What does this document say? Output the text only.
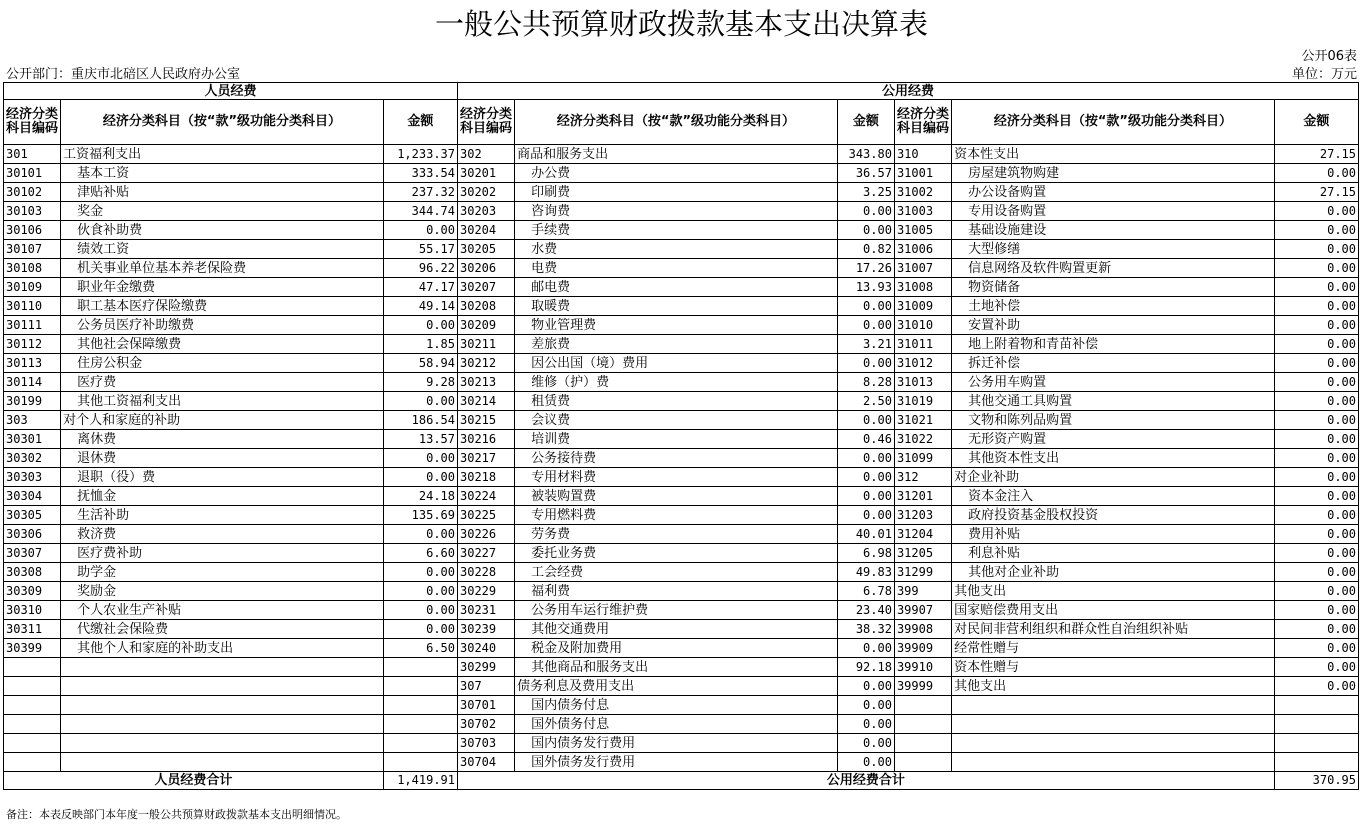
一般公共预算财政拨款基本支出决算表
公开06表
单位：万元
公开部门：重庆市北碚区人民政府办公室
人员经费			公用经费					
经济分类科目编码	经济分类科目（按“款”级功能分类科目）	金额	经济分类科目编码	经济分类科目（按“款”级功能分类科目）	金额	经济分类科目编码	经济分类科目（按“款”级功能分类科目）	金额
301	工资福利支出	1,233.37	302	商品和服务支出	343.80	310	资本性支出	27.15
30101	基本工资	333.54	30201	办公费	36.57	31001	房屋建筑物购建	0.00
30102	津贴补贴	237.32	30202	印刷费	3.25	31002	办公设备购置	27.15
30103	奖金	344.74	30203	咨询费	0.00	31003	专用设备购置	0.00
30106	伙食补助费	0.00	30204	手续费	0.00	31005	基础设施建设	0.00
30107	绩效工资	55.17	30205	水费	0.82	31006	大型修缮	0.00
30108	机关事业单位基本养老保险费	96.22	30206	电费	17.26	31007	信息网络及软件购置更新	0.00
30109	职业年金缴费	47.17	30207	邮电费	13.93	31008	物资储备	0.00
30110	职工基本医疗保险缴费	49.14	30208	取暖费	0.00	31009	土地补偿	0.00
30111	公务员医疗补助缴费	0.00	30209	物业管理费	0.00	31010	安置补助	0.00
30112	其他社会保障缴费	1.85	30211	差旅费	3.21	31011	地上附着物和青苗补偿	0.00
30113	住房公积金	58.94	30212	因公出国（境）费用	0.00	31012	拆迁补偿	0.00
30114	医疗费	9.28	30213	维修（护）费	8.28	31013	公务用车购置	0.00
30199	其他工资福利支出	0.00	30214	租赁费	2.50	31019	其他交通工具购置	0.00
303	对个人和家庭的补助	186.54	30215	会议费	0.00	31021	文物和陈列品购置	0.00
30301	离休费	13.57	30216	培训费	0.46	31022	无形资产购置	0.00
30302	退休费	0.00	30217	公务接待费	0.00	31099	其他资本性支出	0.00
30303	退职（役）费	0.00	30218	专用材料费	0.00	312	对企业补助	0.00
30304	抚恤金	24.18	30224	被装购置费	0.00	31201	资本金注入	0.00
30305	生活补助	135.69	30225	专用燃料费	0.00	31203	政府投资基金股权投资	0.00
30306	救济费	0.00	30226	劳务费	40.01	31204	费用补贴	0.00
30307	医疗费补助	6.60	30227	委托业务费	6.98	31205	利息补贴	0.00
30308	助学金	0.00	30228	工会经费	49.83	31299	其他对企业补助	0.00
30309	奖励金	0.00	30229	福利费	6.78	399	其他支出	0.00
30310	个人农业生产补贴	0.00	30231	公务用车运行维护费	23.40	39907	国家赔偿费用支出	0.00
30311	代缴社会保险费	0.00	30239	其他交通费用	38.32	39908	对民间非营利组织和群众性自治组织补贴	0.00
30399	其他个人和家庭的补助支出	6.50	30240	税金及附加费用	0.00	39909	经常性赠与	0.00
			30299	其他商品和服务支出	92.18	39910	资本性赠与	0.00
			307	债务利息及费用支出	0.00	39999	其他支出	0.00
			30701	国内债务付息	0.00			
			30702	国外债务付息	0.00			
			30703	国内债务发行费用	0.00			
			30704	国外债务发行费用	0.00			
人员经费合计		1,419.91	公用经费合计					370.95
备注：本表反映部门本年度一般公共预算财政拨款基本支出明细情况。
